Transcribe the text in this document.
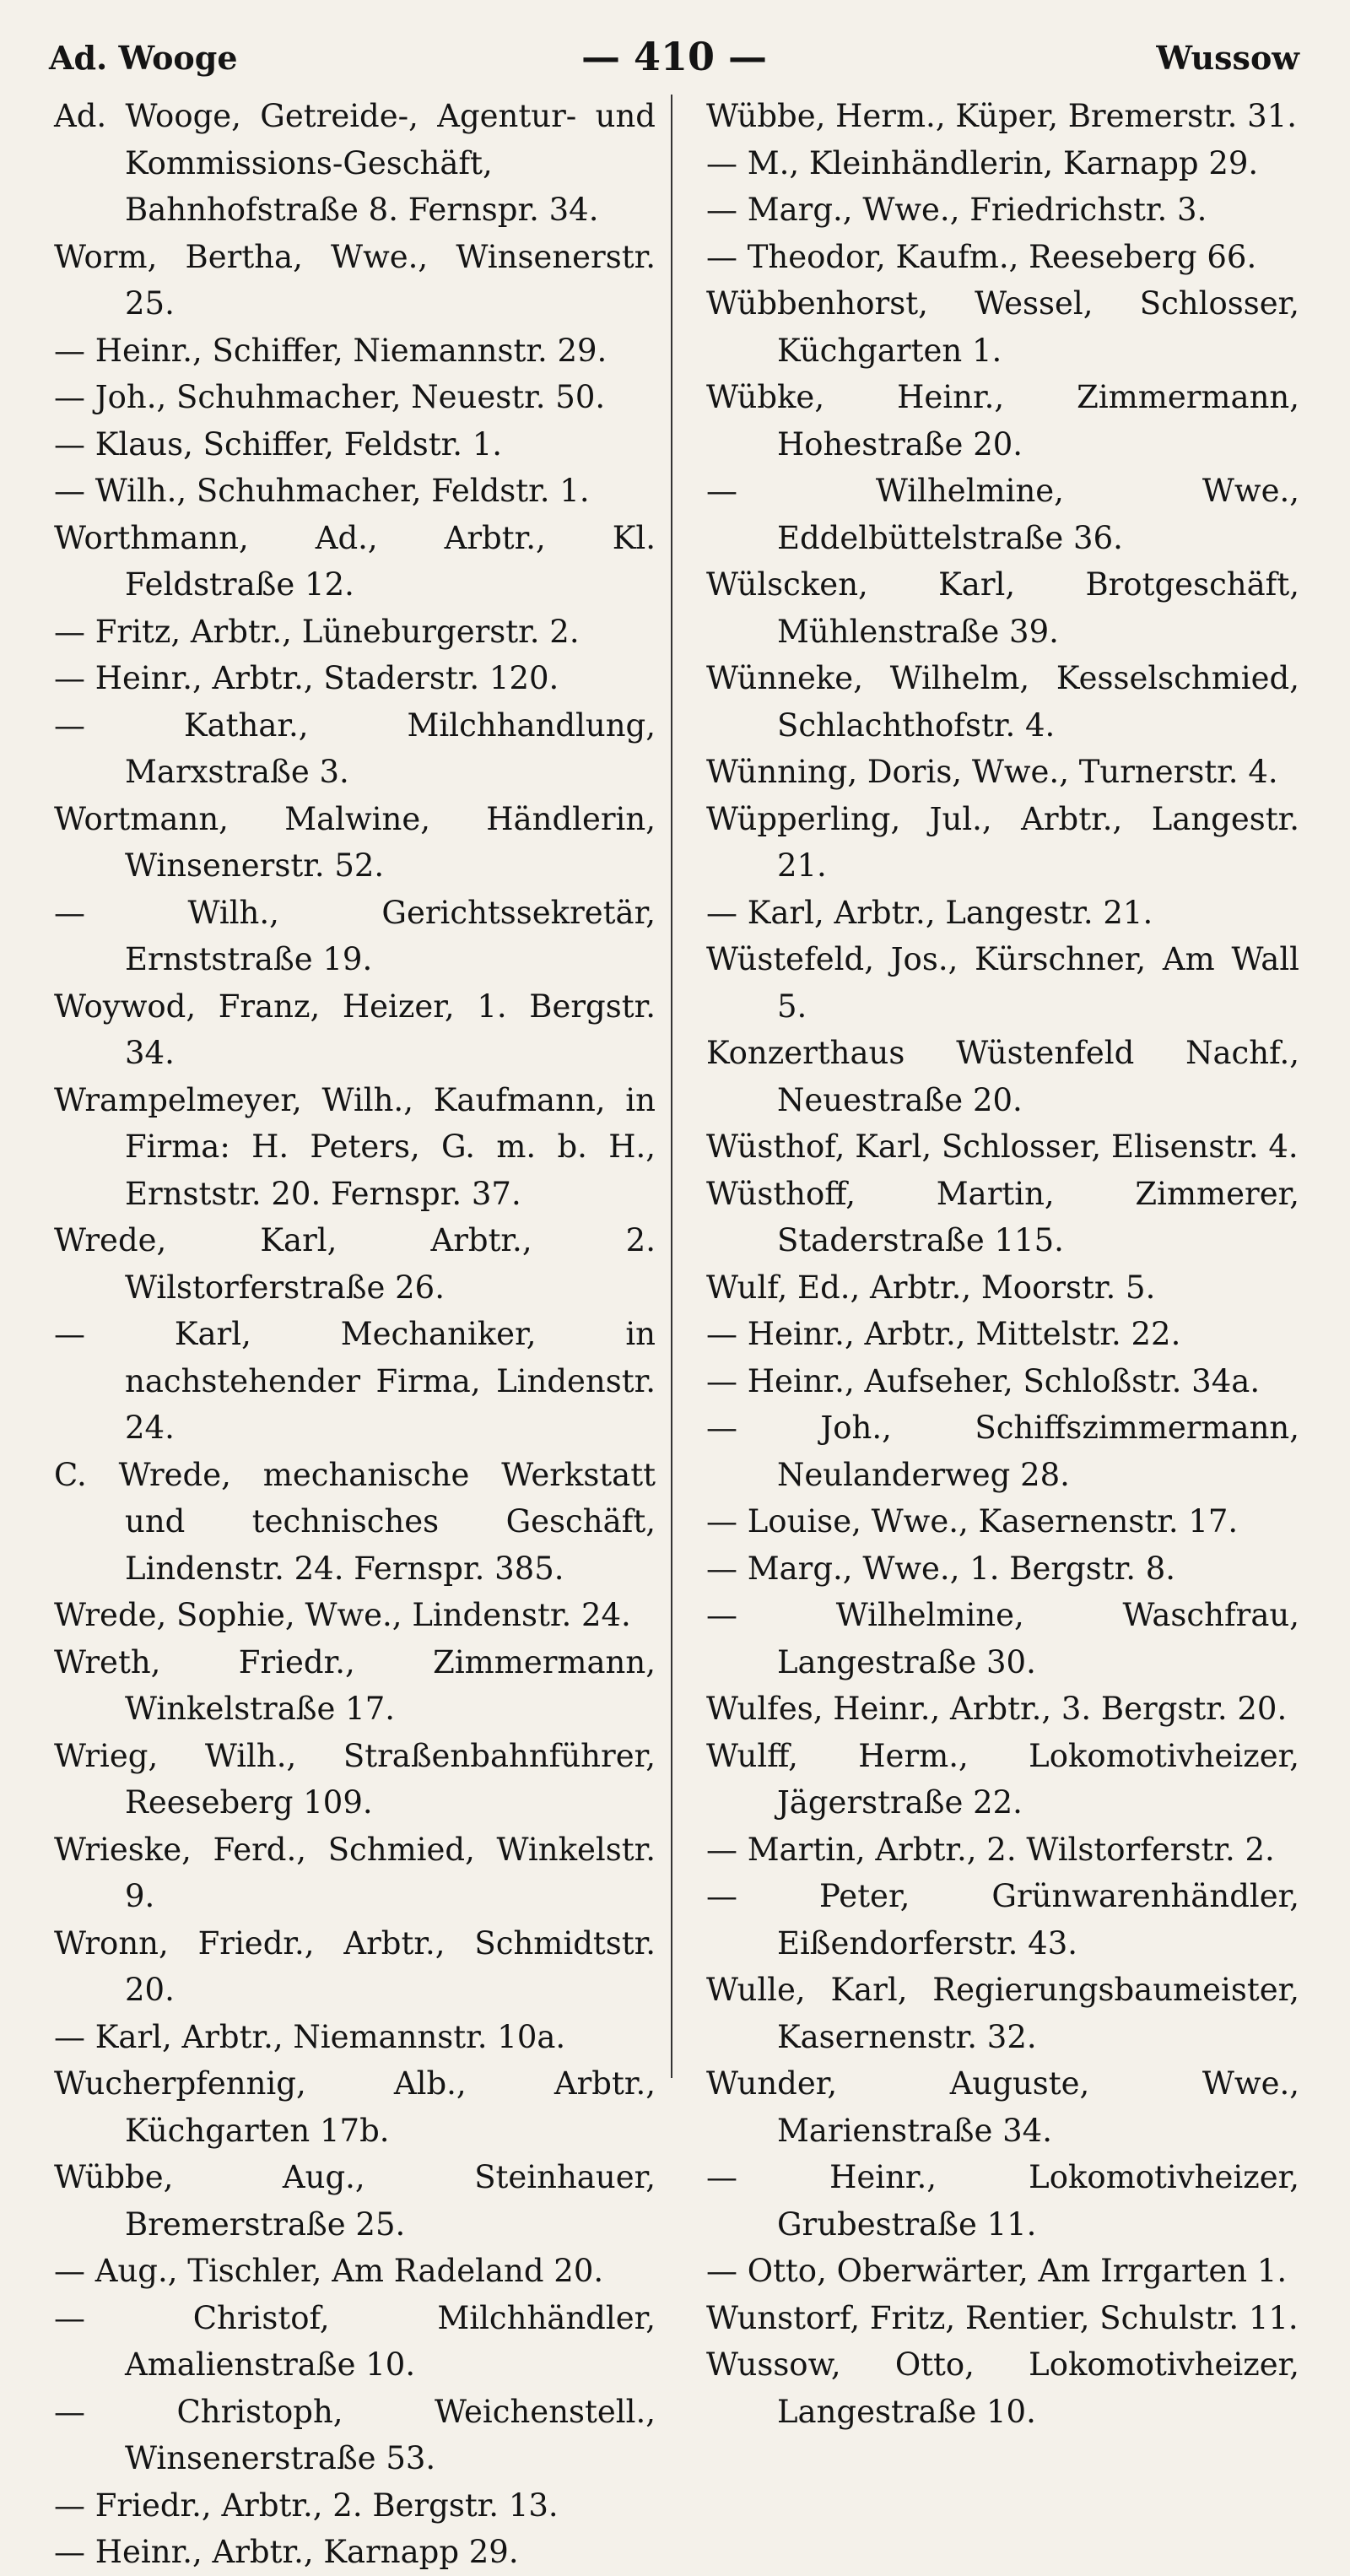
Ad. Wooge	— 410 —	Wussow
Ad. Wooge, Getreide-, Agentur- und Kommissions-Geschäft, Bahnhofstraße 8. Fernspr. 34.
Worm, Bertha, Wwe., Winsenerstr. 25.
— Heinr., Schiffer, Niemannstr. 29.
— Joh., Schuhmacher, Neuestr. 50.
— Klaus, Schiffer, Feldstr. 1.
— Wilh., Schuhmacher, Feldstr. 1.
Worthmann, Ad., Arbtr., Kl. Feldstraße 12.
— Fritz, Arbtr., Lüneburgerstr. 2.
— Heinr., Arbtr., Staderstr. 120.
— Kathar., Milchhandlung, Marxstraße 3.
Wortmann, Malwine, Händlerin, Winsenerstr. 52.
— Wilh., Gerichtssekretär, Ernststraße 19.
Woywod, Franz, Heizer, 1. Bergstr. 34.
Wrampelmeyer, Wilh., Kaufmann, in Firma: H. Peters, G. m. b. H., Ernststr. 20. Fernspr. 37.
Wrede, Karl, Arbtr., 2. Wilstorferstraße 26.
— Karl, Mechaniker, in nachstehender Firma, Lindenstr. 24.
C. Wrede, mechanische Werkstatt und technisches Geschäft, Lindenstr. 24. Fernspr. 385.
Wrede, Sophie, Wwe., Lindenstr. 24.
Wreth, Friedr., Zimmermann, Winkelstraße 17.
Wrieg, Wilh., Straßenbahnführer, Reeseberg 109.
Wrieske, Ferd., Schmied, Winkelstr. 9.
Wronn, Friedr., Arbtr., Schmidtstr. 20.
— Karl, Arbtr., Niemannstr. 10a.
Wucherpfennig, Alb., Arbtr., Küchgarten 17b.
Wübbe, Aug., Steinhauer, Bremerstraße 25.
— Aug., Tischler, Am Radeland 20.
— Christof, Milchhändler, Amalienstraße 10.
— Christoph, Weichenstell., Winsenerstraße 53.
— Friedr., Arbtr., 2. Bergstr. 13.
— Heinr., Arbtr., Karnapp 29.
Wübbe, Herm., Küper, Bremerstr. 31.
— M., Kleinhändlerin, Karnapp 29.
— Marg., Wwe., Friedrichstr. 3.
— Theodor, Kaufm., Reeseberg 66.
Wübbenhorst, Wessel, Schlosser, Küchgarten 1.
Wübke, Heinr., Zimmermann, Hohestraße 20.
— Wilhelmine, Wwe., Eddelbüttelstraße 36.
Wülscken, Karl, Brotgeschäft, Mühlenstraße 39.
Wünneke, Wilhelm, Kesselschmied, Schlachthofstr. 4.
Wünning, Doris, Wwe., Turnerstr. 4.
Wüpperling, Jul., Arbtr., Langestr. 21.
— Karl, Arbtr., Langestr. 21.
Wüstefeld, Jos., Kürschner, Am Wall 5.
Konzerthaus Wüstenfeld Nachf., Neuestraße 20.
Wüsthof, Karl, Schlosser, Elisenstr. 4.
Wüsthoff, Martin, Zimmerer, Staderstraße 115.
Wulf, Ed., Arbtr., Moorstr. 5.
— Heinr., Arbtr., Mittelstr. 22.
— Heinr., Aufseher, Schloßstr. 34a.
— Joh., Schiffszimmermann, Neulanderweg 28.
— Louise, Wwe., Kasernenstr. 17.
— Marg., Wwe., 1. Bergstr. 8.
— Wilhelmine, Waschfrau, Langestraße 30.
Wulfes, Heinr., Arbtr., 3. Bergstr. 20.
Wulff, Herm., Lokomotivheizer, Jägerstraße 22.
— Martin, Arbtr., 2. Wilstorferstr. 2.
— Peter, Grünwarenhändler, Eißendorferstr. 43.
Wulle, Karl, Regierungsbaumeister, Kasernenstr. 32.
Wunder, Auguste, Wwe., Marienstraße 34.
— Heinr., Lokomotivheizer, Grubestraße 11.
— Otto, Oberwärter, Am Irrgarten 1.
Wunstorf, Fritz, Rentier, Schulstr. 11.
Wussow, Otto, Lokomotivheizer, Langestraße 10.
